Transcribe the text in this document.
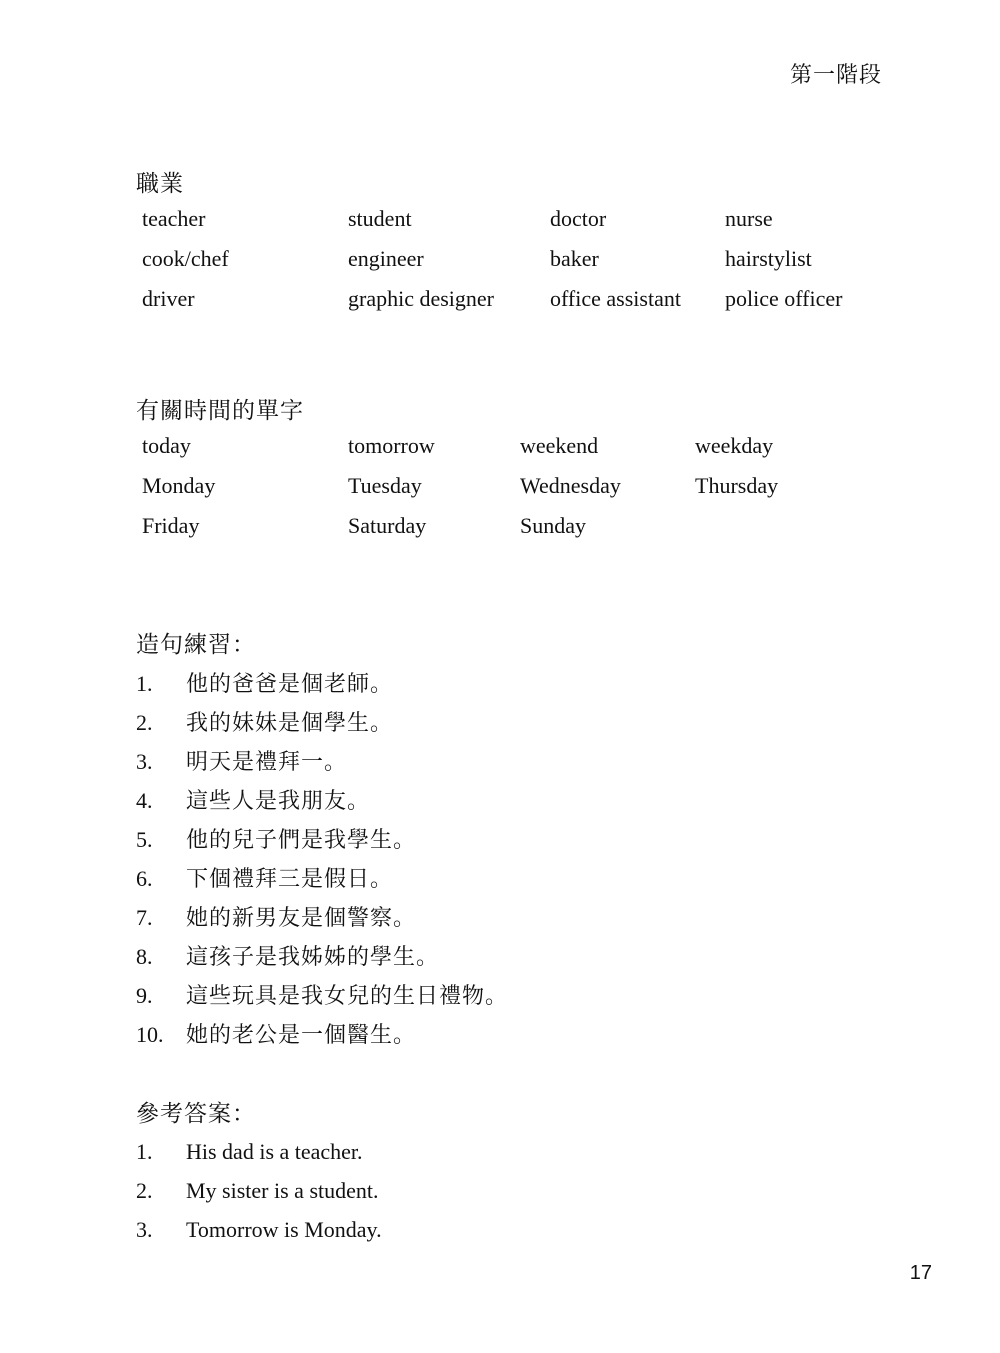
第一階段
職業
teacher	student	doctor	nurse
cook/chef	engineer	baker	hairstylist
driver	graphic designer	office assistant	police officer
有關時間的單字
today	tomorrow	weekend	weekday
Monday	Tuesday	Wednesday	Thursday
Friday	Saturday	Sunday	
造句練習：
1.	他的爸爸是個老師。
2.	我的妹妹是個學生。
3.	明天是禮拜一。
4.	這些人是我朋友。
5.	他的兒子們是我學生。
6.	下個禮拜三是假日。
7.	她的新男友是個警察。
8.	這孩子是我姊姊的學生。
9.	這些玩具是我女兒的生日禮物。
10.	她的老公是一個醫生。
參考答案：
1.	His dad is a teacher.
2.	My sister is a student.
3.	Tomorrow is Monday.
17
